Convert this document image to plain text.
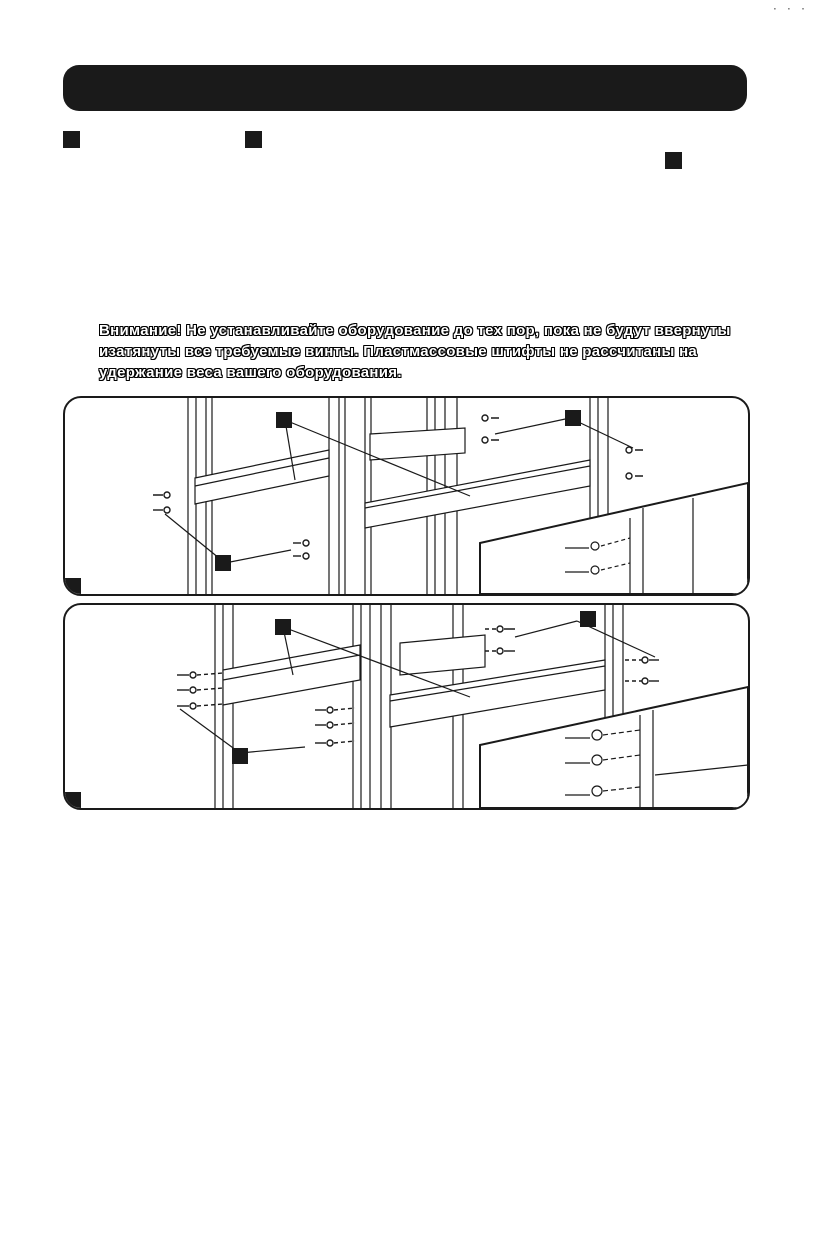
· · ·
Внимание! Не устанавливайте оборудование до тех пор, пока не будут ввернуты
изатянуты все требуемые винты. Пластмассовые штифты не рассчитаны на
удержание веса вашего оборудования.
